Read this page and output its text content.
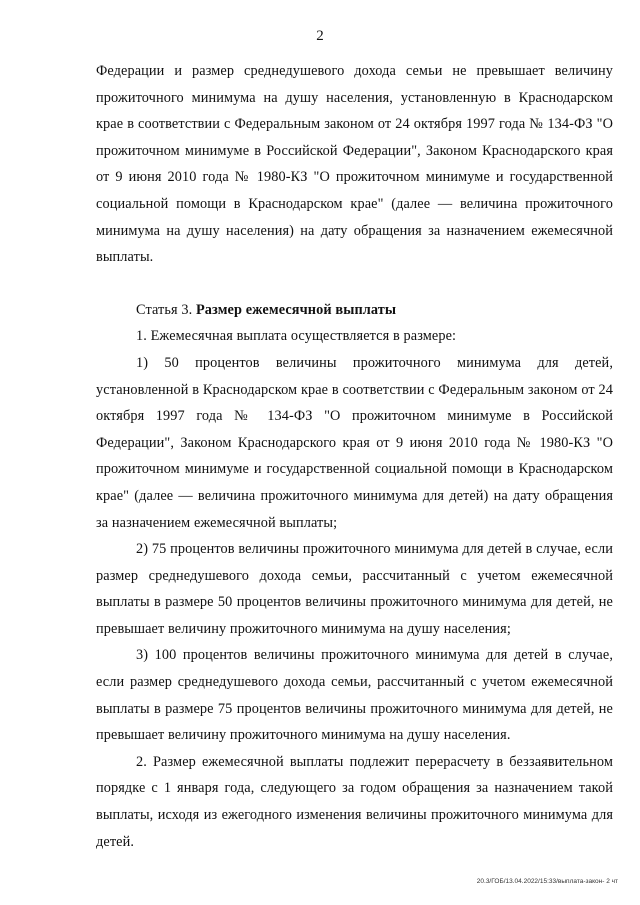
2

Федерации и размер среднедушевого дохода семьи не превышает величину прожиточного минимума на душу населения, установленную в Краснодарском крае в соответствии с Федеральным законом от 24 октября 1997 года № 134-ФЗ "О прожиточном минимуме в Российской Федерации", Законом Краснодарского края от 9 июня 2010 года № 1980-КЗ "О прожиточном минимуме и государственной социальной помощи в Краснодарском крае" (далее — величина прожиточного минимума на душу населения) на дату обращения за назначением ежемесячной выплаты.

Статья 3. Размер ежемесячной выплаты

1. Ежемесячная выплата осуществляется в размере:

1) 50 процентов величины прожиточного минимума для детей, установленной в Краснодарском крае в соответствии с Федеральным законом от 24 октября 1997 года № 134-ФЗ "О прожиточном минимуме в Российской Федерации", Законом Краснодарского края от 9 июня 2010 года № 1980-КЗ "О прожиточном минимуме и государственной социальной помощи в Краснодарском крае" (далее — величина прожиточного минимума для детей) на дату обращения за назначением ежемесячной выплаты;

2) 75 процентов величины прожиточного минимума для детей в случае, если размер среднедушевого дохода семьи, рассчитанный с учетом ежемесячной выплаты в размере 50 процентов величины прожиточного минимума для детей, не превышает величину прожиточного минимума на душу населения;

3) 100 процентов величины прожиточного минимума для детей в случае, если размер среднедушевого дохода семьи, рассчитанный с учетом ежемесячной выплаты в размере 75 процентов величины прожиточного минимума для детей, не превышает величину прожиточного минимума на душу населения.

2. Размер ежемесячной выплаты подлежит перерасчету в беззаявительном порядке с 1 января года, следующего за годом обращения за назначением такой выплаты, исходя из ежегодного изменения величины прожиточного минимума для детей.

20.3/ГОБ/13.04.2022/15:33/выплата-закон- 2 чт
